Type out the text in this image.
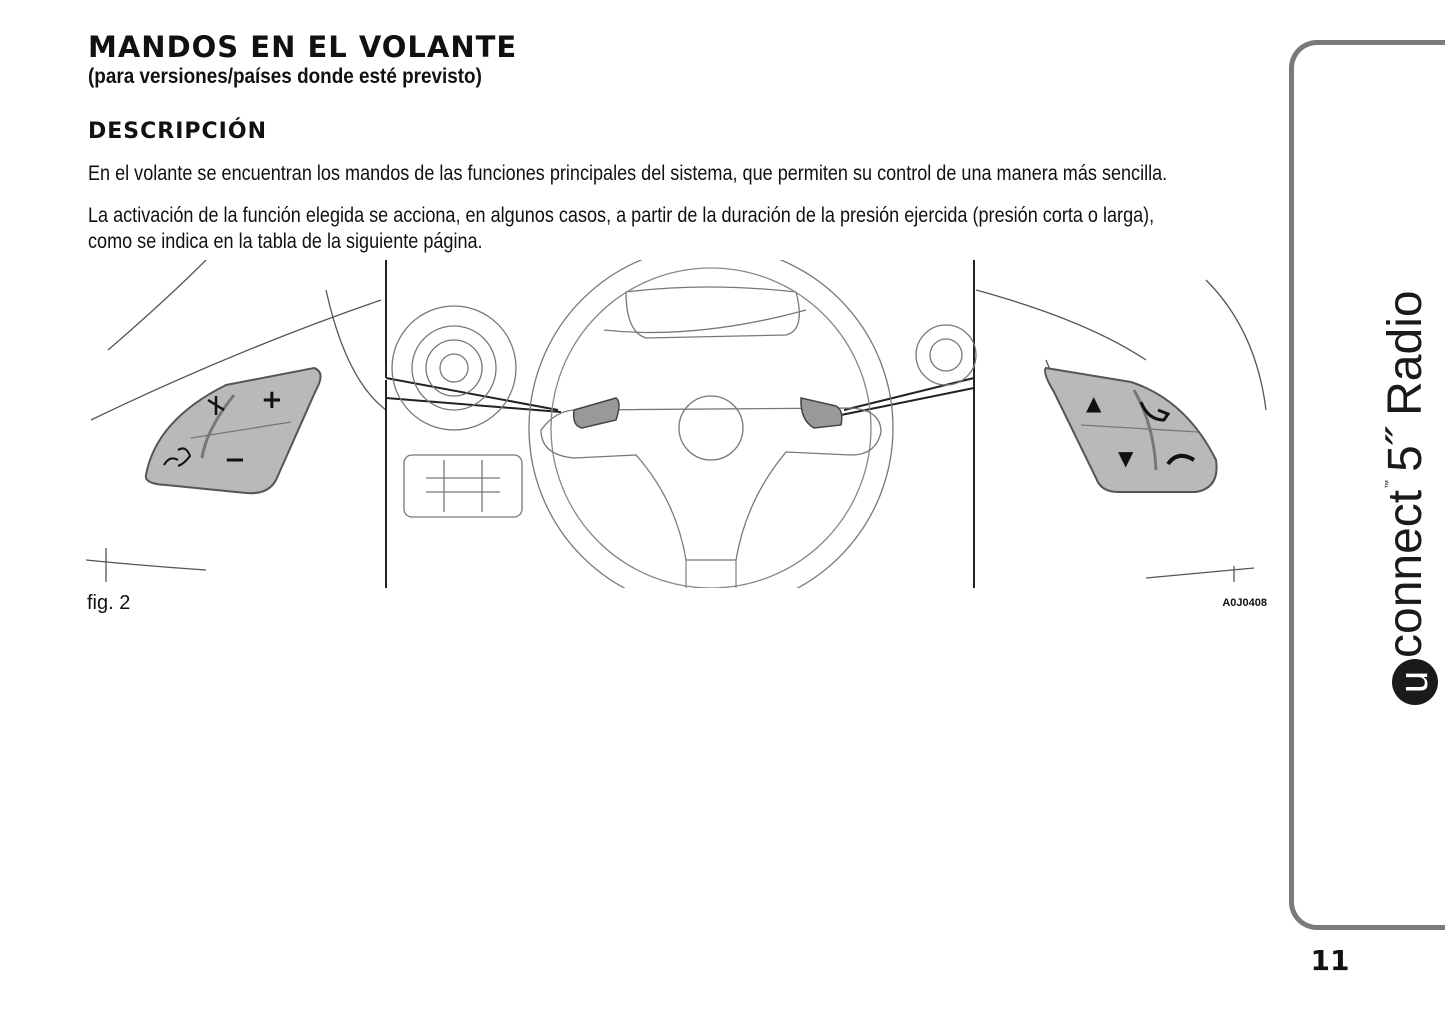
MANDOS EN EL VOLANTE

(para versiones/países donde esté previsto)

DESCRIPCIÓN

En el volante se encuentran los mandos de las funciones principales del sistema, que permiten su control de una manera más sencilla.

La activación de la función elegida se acciona, en algunos casos, a partir de la duración de la presión ejercida (presión corta o larga),

como se indica en la tabla de la siguiente página.

+
−
▲
▼

fig. 2	A0J0408

uconnect™5˝ Radio

11
